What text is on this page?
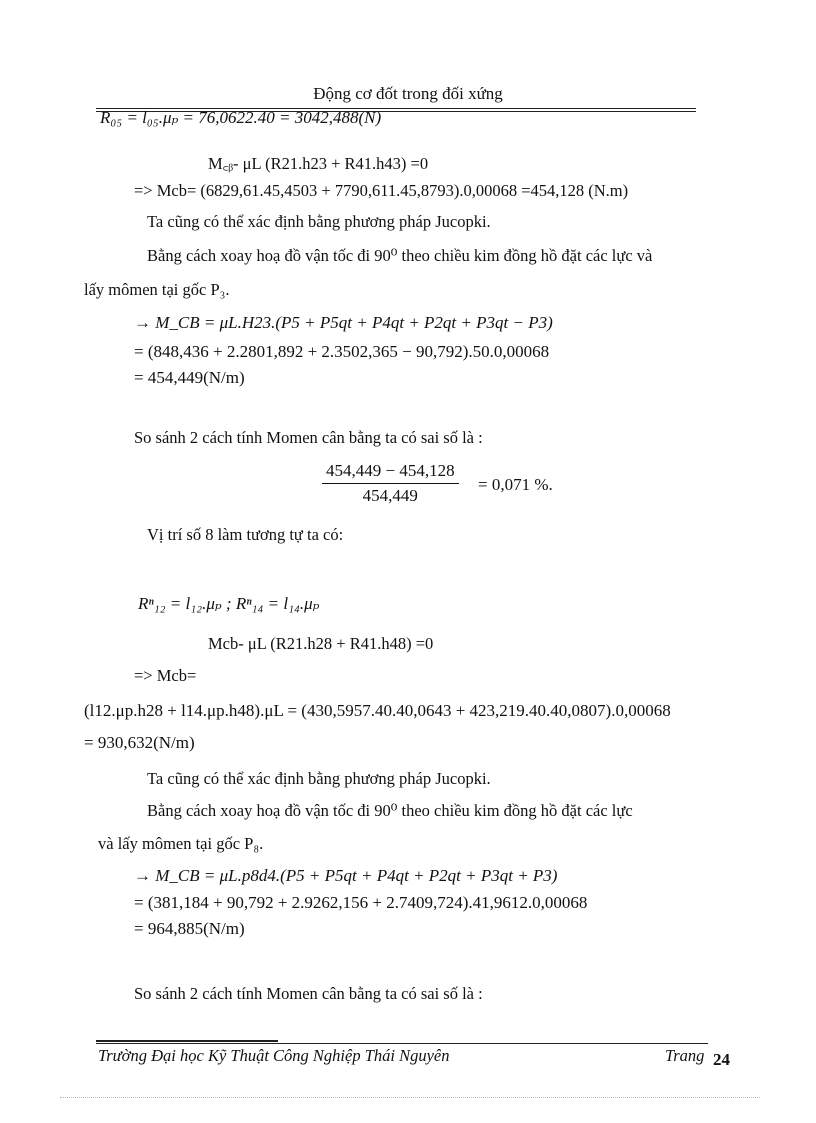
Động cơ đốt trong đối xứng
R₀₅ = l₀₅.μₚ = 76,0622.40 = 3042,488(N)
M꜀ᵦ- μL (R21.h23 + R41.h43) =0
=> Mcb= (6829,61.45,4503 + 7790,611.45,8793).0,00068 =454,128 (N.m)
Ta cũng có thể xác định bằng phương pháp Jucopki.
Bằng cách xoay hoạ đồ vận tốc đi 90⁰ theo chiều kim đồng hồ đặt các lực và
lấy mômen tại gốc P₃.
→ M_CB = μL.H23.(P5 + P5qt + P4qt + P2qt + P3qt − P3)
= (848,436 + 2.2801,892 + 2.3502,365 − 90,792).50.0,00068
= 454,449(N/m)
So sánh 2 cách tính Momen cân bằng ta có sai số là :
454,449 − 454,128
454,449
= 0,071 %.
Vị trí số 8 làm tương tự ta có:
Rⁿ₁₂ = l₁₂.μₚ ; Rⁿ₁₄ = l₁₄.μₚ
Mcb- μL (R21.h28 + R41.h48) =0
=> Mcb=
(l12.μp.h28 + l14.μp.h48).μL = (430,5957.40.40,0643 + 423,219.40.40,0807).0,00068
= 930,632(N/m)
Ta cũng có thể xác định bằng phương pháp Jucopki.
Bằng cách xoay hoạ đồ vận tốc đi 90⁰ theo chiều kim đồng hồ đặt các lực
và lấy mômen tại gốc P₈.
→ M_CB = μL.p8d4.(P5 + P5qt + P4qt + P2qt + P3qt + P3)
= (381,184 + 90,792 + 2.9262,156 + 2.7409,724).41,9612.0,00068
= 964,885(N/m)
So sánh 2 cách tính Momen cân bằng ta có sai số là :
Trường Đại học Kỹ Thuật Công Nghiệp Thái Nguyên	Trang 24
